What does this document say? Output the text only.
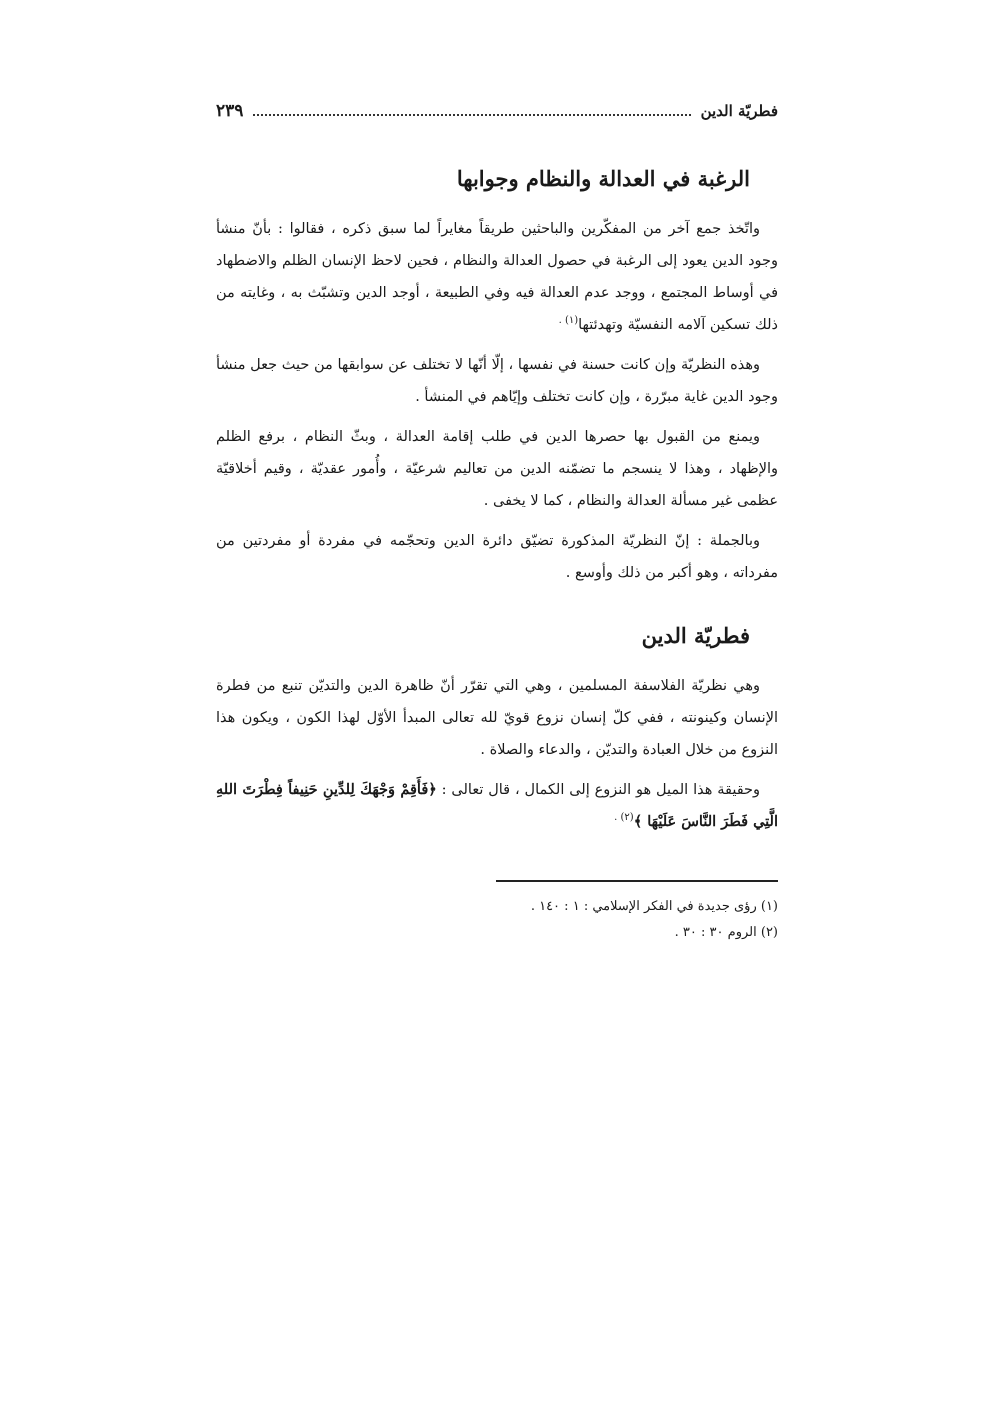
فطريّة الدين
٢٣٩
الرغبة في العدالة والنظام وجوابها

واتّخذ جمع آخر من المفكّرين والباحثين طريقاً مغايراً لما سبق ذكره ، فقالوا : بأنّ منشأ وجود الدين يعود إلى الرغبة في حصول العدالة والنظام ، فحين لاحظ الإنسان الظلم والاضطهاد في أوساط المجتمع ، ووجد عدم العدالة فيه وفي الطبيعة ، أوجد الدين وتشبّث به ، وغايته من ذلك تسكين آلامه النفسيّة وتهدئتها$^{(١) .}$

وهذه النظريّة وإن كانت حسنة في نفسها ، إلّا أنّها لا تختلف عن سوابقها من حيث جعل منشأ وجود الدين غاية مبرّرة ، وإن كانت تختلف وإيّاهم في المنشأ .

ويمنع من القبول بها حصرها الدين في طلب إقامة العدالة ، وبثّ النظام ، برفع الظلم والإظهاد ، وهذا لا ينسجم ما تضمّنه الدين من تعاليم شرعيّة ، وأُمور عقديّة ، وقيم أخلاقيّة عظمى غير مسألة العدالة والنظام ، كما لا يخفى .

وبالجملة : إنّ النظريّة المذكورة تضيّق دائرة الدين وتحجّمه في مفردة أو مفردتين من مفرداته ، وهو أكبر من ذلك وأوسع .

فطريّة الدين

وهي نظريّة الفلاسفة المسلمين ، وهي التي تقرّر أنّ ظاهرة الدين والتديّن تنبع من فطرة الإنسان وكينونته ، ففي كلّ إنسان نزوع قويّ لله تعالى المبدأ الأوّل لهذا الكون ، ويكون هذا النزوع من خلال العبادة والتديّن ، والدعاء والصلاة .

وحقيقة هذا الميل هو النزوع إلى الكمال ، قال تعالى : ﴿فَأَقِمْ وَجْهَكَ لِلدِّينِ حَنِيفاً فِطْرَتَ اللهِ الَّتِي فَطَرَ النَّاسَ عَلَيْهَا ﴾$^{(٢) .}$

(١) رؤى جديدة في الفكر الإسلامي : ١ : ١٤٠ .

(٢) الروم ٣٠ : ٣٠ .
